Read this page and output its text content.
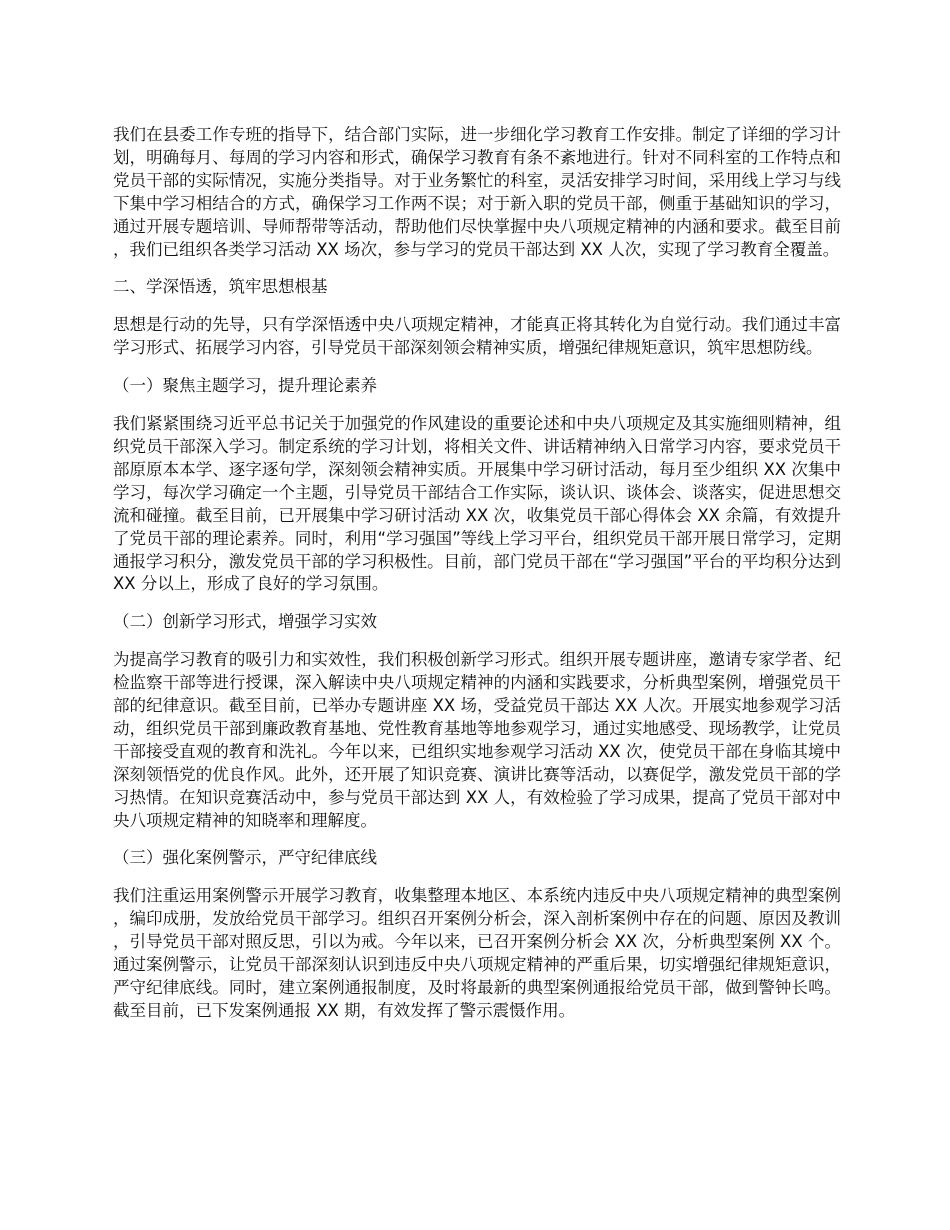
我们在县委工作专班的指导下，结合部门实际，进一步细化学习教育工作安排。制定了详细的学习计划，明确每月、每周的学习内容和形式，确保学习教育有条不紊地进行。针对不同科室的工作特点和党员干部的实际情况，实施分类指导。对于业务繁忙的科室，灵活安排学习时间，采用线上学习与线下集中学习相结合的方式，确保学习工作两不误；对于新入职的党员干部，侧重于基础知识的学习，通过开展专题培训、导师帮带等活动，帮助他们尽快掌握中央八项规定精神的内涵和要求。截至目前，我们已组织各类学习活动 XX 场次，参与学习的党员干部达到 XX 人次，实现了学习教育全覆盖。

二、学深悟透，筑牢思想根基

思想是行动的先导，只有学深悟透中央八项规定精神，才能真正将其转化为自觉行动。我们通过丰富学习形式、拓展学习内容，引导党员干部深刻领会精神实质，增强纪律规矩意识，筑牢思想防线。

（一）聚焦主题学习，提升理论素养

我们紧紧围绕习近平总书记关于加强党的作风建设的重要论述和中央八项规定及其实施细则精神，组织党员干部深入学习。制定系统的学习计划，将相关文件、讲话精神纳入日常学习内容，要求党员干部原原本本学、逐字逐句学，深刻领会精神实质。开展集中学习研讨活动，每月至少组织 XX 次集中学习，每次学习确定一个主题，引导党员干部结合工作实际，谈认识、谈体会、谈落实，促进思想交流和碰撞。截至目前，已开展集中学习研讨活动 XX 次，收集党员干部心得体会 XX 余篇，有效提升了党员干部的理论素养。同时，利用“学习强国”等线上学习平台，组织党员干部开展日常学习，定期通报学习积分，激发党员干部的学习积极性。目前，部门党员干部在“学习强国”平台的平均积分达到 XX 分以上，形成了良好的学习氛围。

（二）创新学习形式，增强学习实效

为提高学习教育的吸引力和实效性，我们积极创新学习形式。组织开展专题讲座，邀请专家学者、纪检监察干部等进行授课，深入解读中央八项规定精神的内涵和实践要求，分析典型案例，增强党员干部的纪律意识。截至目前，已举办专题讲座 XX 场，受益党员干部达 XX 人次。开展实地参观学习活动，组织党员干部到廉政教育基地、党性教育基地等地参观学习，通过实地感受、现场教学，让党员干部接受直观的教育和洗礼。今年以来，已组织实地参观学习活动 XX 次，使党员干部在身临其境中深刻领悟党的优良作风。此外，还开展了知识竞赛、演讲比赛等活动，以赛促学，激发党员干部的学习热情。在知识竞赛活动中，参与党员干部达到 XX 人，有效检验了学习成果，提高了党员干部对中央八项规定精神的知晓率和理解度。

（三）强化案例警示，严守纪律底线

我们注重运用案例警示开展学习教育，收集整理本地区、本系统内违反中央八项规定精神的典型案例，编印成册，发放给党员干部学习。组织召开案例分析会，深入剖析案例中存在的问题、原因及教训，引导党员干部对照反思，引以为戒。今年以来，已召开案例分析会 XX 次，分析典型案例 XX 个。通过案例警示，让党员干部深刻认识到违反中央八项规定精神的严重后果，切实增强纪律规矩意识，严守纪律底线。同时，建立案例通报制度，及时将最新的典型案例通报给党员干部，做到警钟长鸣。截至目前，已下发案例通报 XX 期，有效发挥了警示震慑作用。
